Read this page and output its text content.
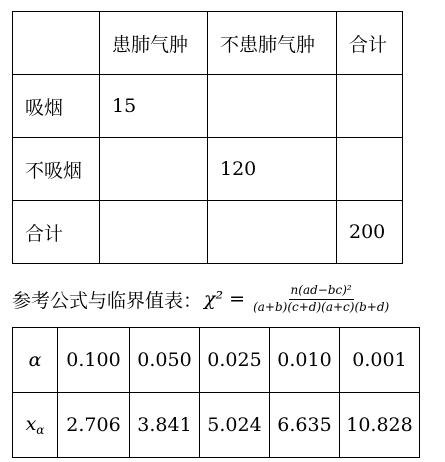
	患肺气肿	不患肺气肿	合计
吸烟	15		
不吸烟		120	
合计			200
参考公式与临界值表： $\chi^2 = \frac{\text{n(ad−bc)²}}{(a+b)(c+d)(a+c)(b+d)}$
α	0.100	0.050	0.025	0.010	0.001
$x_\alpha$	2.706	3.841	5.024	6.635	10.828
